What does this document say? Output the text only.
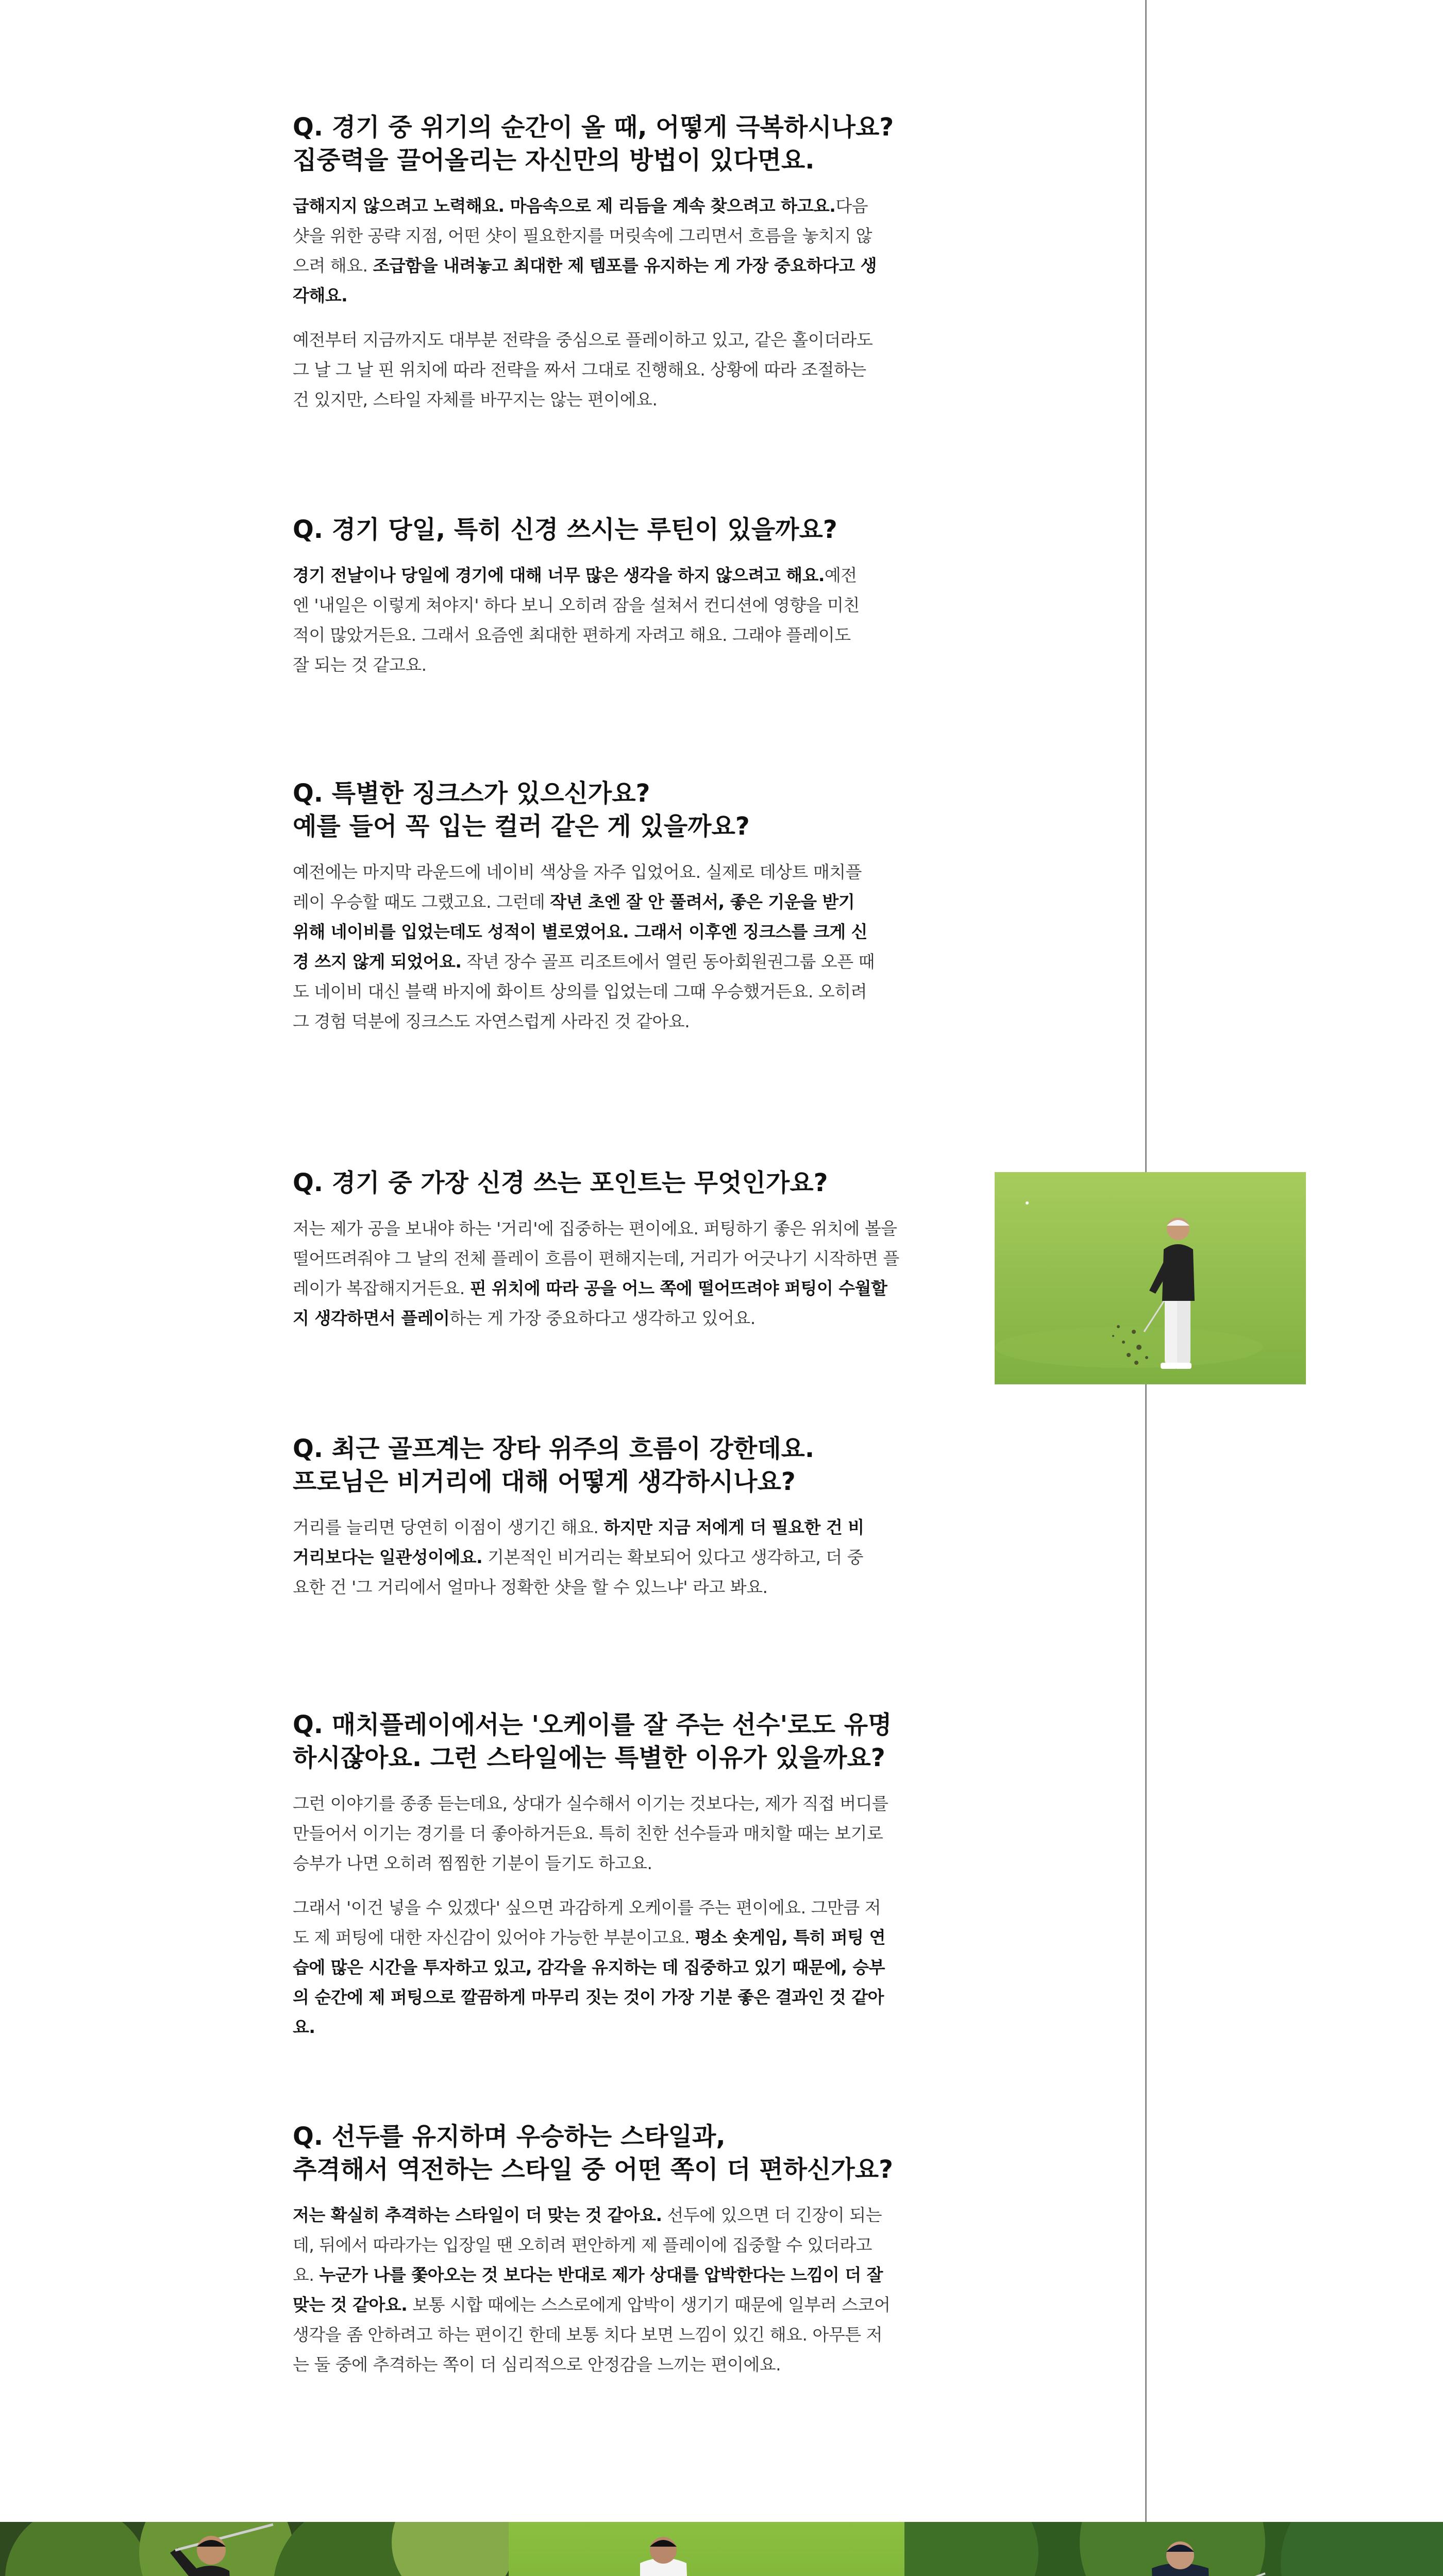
Q. 경기 중 위기의 순간이 올 때, 어떻게 극복하시나요?
집중력을 끌어올리는 자신만의 방법이 있다면요.

급해지지 않으려고 노력해요. 마음속으로 제 리듬을 계속 찾으려고 하고요.다음 샷을 위한 공략 지점, 어떤 샷이 필요한지를 머릿속에 그리면서 흐름을 놓치지 않으려 해요. 조급함을 내려놓고 최대한 제 템포를 유지하는 게 가장 중요하다고 생각해요.

예전부터 지금까지도 대부분 전략을 중심으로 플레이하고 있고, 같은 홀이더라도 그 날 그 날 핀 위치에 따라 전략을 짜서 그대로 진행해요. 상황에 따라 조절하는 건 있지만, 스타일 자체를 바꾸지는 않는 편이에요.

Q. 경기 당일, 특히 신경 쓰시는 루틴이 있을까요?

경기 전날이나 당일에 경기에 대해 너무 많은 생각을 하지 않으려고 해요.예전엔 '내일은 이렇게 쳐야지' 하다 보니 오히려 잠을 설쳐서 컨디션에 영향을 미친 적이 많았거든요. 그래서 요즘엔 최대한 편하게 자려고 해요. 그래야 플레이도 잘 되는 것 같고요.

Q. 특별한 징크스가 있으신가요?
예를 들어 꼭 입는 컬러 같은 게 있을까요?

예전에는 마지막 라운드에 네이비 색상을 자주 입었어요. 실제로 데상트 매치플레이 우승할 때도 그랬고요. 그런데 작년 초엔 잘 안 풀려서, 좋은 기운을 받기 위해 네이비를 입었는데도 성적이 별로였어요. 그래서 이후엔 징크스를 크게 신경 쓰지 않게 되었어요. 작년 장수 골프 리조트에서 열린 동아회원권그룹 오픈 때도 네이비 대신 블랙 바지에 화이트 상의를 입었는데 그때 우승했거든요. 오히려 그 경험 덕분에 징크스도 자연스럽게 사라진 것 같아요.

Q. 경기 중 가장 신경 쓰는 포인트는 무엇인가요?

저는 제가 공을 보내야 하는 '거리'에 집중하는 편이에요. 퍼팅하기 좋은 위치에 볼을 떨어뜨려줘야 그 날의 전체 플레이 흐름이 편해지는데, 거리가 어긋나기 시작하면 플레이가 복잡해지거든요. 핀 위치에 따라 공을 어느 쪽에 떨어뜨려야 퍼팅이 수월할지 생각하면서 플레이하는 게 가장 중요하다고 생각하고 있어요.

Q. 최근 골프계는 장타 위주의 흐름이 강한데요.
프로님은 비거리에 대해 어떻게 생각하시나요?

거리를 늘리면 당연히 이점이 생기긴 해요. 하지만 지금 저에게 더 필요한 건 비거리보다는 일관성이에요. 기본적인 비거리는 확보되어 있다고 생각하고, 더 중요한 건 '그 거리에서 얼마나 정확한 샷을 할 수 있느냐' 라고 봐요.

Q. 매치플레이에서는 '오케이를 잘 주는 선수'로도 유명
하시잖아요. 그런 스타일에는 특별한 이유가 있을까요?

그런 이야기를 종종 듣는데요, 상대가 실수해서 이기는 것보다는, 제가 직접 버디를 만들어서 이기는 경기를 더 좋아하거든요. 특히 친한 선수들과 매치할 때는 보기로 승부가 나면 오히려 찜찜한 기분이 들기도 하고요.

그래서 '이건 넣을 수 있겠다' 싶으면 과감하게 오케이를 주는 편이에요. 그만큼 저도 제 퍼팅에 대한 자신감이 있어야 가능한 부분이고요. 평소 숏게임, 특히 퍼팅 연습에 많은 시간을 투자하고 있고, 감각을 유지하는 데 집중하고 있기 때문에, 승부의 순간에 제 퍼팅으로 깔끔하게 마무리 짓는 것이 가장 기분 좋은 결과인 것 같아요.

Q. 선두를 유지하며 우승하는 스타일과,
추격해서 역전하는 스타일 중 어떤 쪽이 더 편하신가요?

저는 확실히 추격하는 스타일이 더 맞는 것 같아요. 선두에 있으면 더 긴장이 되는데, 뒤에서 따라가는 입장일 땐 오히려 편안하게 제 플레이에 집중할 수 있더라고요. 누군가 나를 쫓아오는 것 보다는 반대로 제가 상대를 압박한다는 느낌이 더 잘 맞는 것 같아요. 보통 시합 때에는 스스로에게 압박이 생기기 때문에 일부러 스코어 생각을 좀 안하려고 하는 편이긴 한데 보통 치다 보면 느낌이 있긴 해요. 아무튼 저는 둘 중에 추격하는 쪽이 더 심리적으로 안정감을 느끼는 편이에요.
